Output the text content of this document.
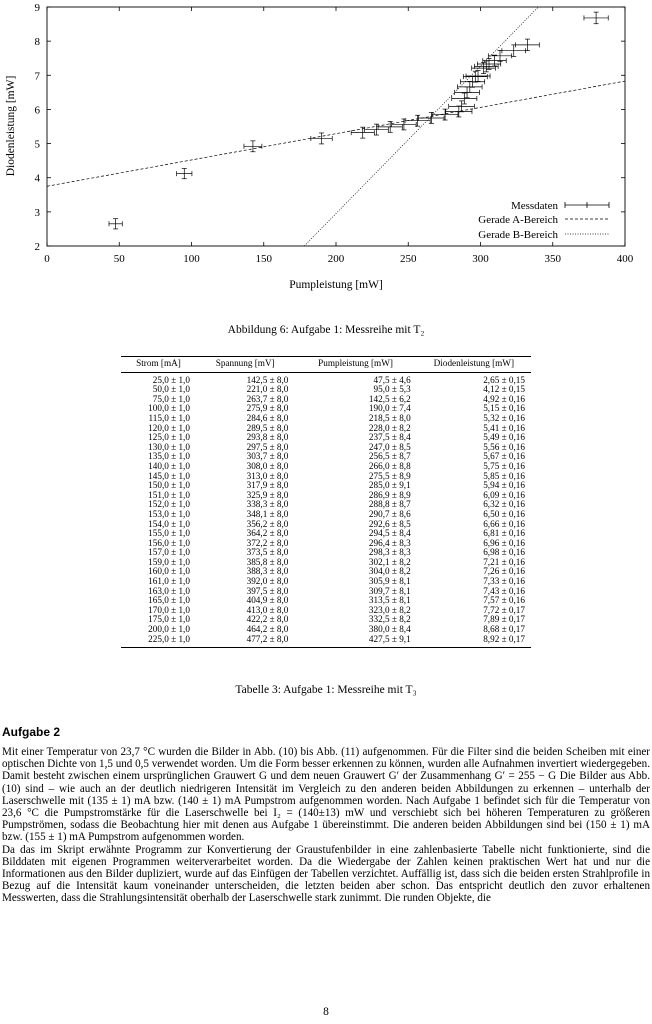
0	50	100	150	200	250	300	350	400
2
3
4
5
6
7
8
9
Diodenleistung [mW]
Pumpleistung [mW]
Messdaten
Gerade A-Bereich
Gerade B-Bereich
Abbildung 6: Aufgabe 1: Messreihe mit T₂
Strom [mA]	Spannung [mV]	Pumpleistung [mW]	Diodenleistung [mW]
25,0 ± 1,0	142,5 ± 8,0	47,5 ± 4,6	2,65 ± 0,15
50,0 ± 1,0	221,0 ± 8,0	95,0 ± 5,3	4,12 ± 0,15
75,0 ± 1,0	263,7 ± 8,0	142,5 ± 6,2	4,92 ± 0,16
100,0 ± 1,0	275,9 ± 8,0	190,0 ± 7,4	5,15 ± 0,16
115,0 ± 1,0	284,6 ± 8,0	218,5 ± 8,0	5,32 ± 0,16
120,0 ± 1,0	289,5 ± 8,0	228,0 ± 8,2	5,41 ± 0,16
125,0 ± 1,0	293,8 ± 8,0	237,5 ± 8,4	5,49 ± 0,16
130,0 ± 1,0	297,5 ± 8,0	247,0 ± 8,5	5,56 ± 0,16
135,0 ± 1,0	303,7 ± 8,0	256,5 ± 8,7	5,67 ± 0,16
140,0 ± 1,0	308,0 ± 8,0	266,0 ± 8,8	5,75 ± 0,16
145,0 ± 1,0	313,0 ± 8,0	275,5 ± 8,9	5,85 ± 0,16
150,0 ± 1,0	317,9 ± 8,0	285,0 ± 9,1	5,94 ± 0,16
151,0 ± 1,0	325,9 ± 8,0	286,9 ± 8,9	6,09 ± 0,16
152,0 ± 1,0	338,3 ± 8,0	288,8 ± 8,7	6,32 ± 0,16
153,0 ± 1,0	348,1 ± 8,0	290,7 ± 8,6	6,50 ± 0,16
154,0 ± 1,0	356,2 ± 8,0	292,6 ± 8,5	6,66 ± 0,16
155,0 ± 1,0	364,2 ± 8,0	294,5 ± 8,4	6,81 ± 0,16
156,0 ± 1,0	372,2 ± 8,0	296,4 ± 8,3	6,96 ± 0,16
157,0 ± 1,0	373,5 ± 8,0	298,3 ± 8,3	6,98 ± 0,16
159,0 ± 1,0	385,8 ± 8,0	302,1 ± 8,2	7,21 ± 0,16
160,0 ± 1,0	388,3 ± 8,0	304,0 ± 8,2	7,26 ± 0,16
161,0 ± 1,0	392,0 ± 8,0	305,9 ± 8,1	7,33 ± 0,16
163,0 ± 1,0	397,5 ± 8,0	309,7 ± 8,1	7,43 ± 0,16
165,0 ± 1,0	404,9 ± 8,0	313,5 ± 8,1	7,57 ± 0,16
170,0 ± 1,0	413,0 ± 8,0	323,0 ± 8,2	7,72 ± 0,17
175,0 ± 1,0	422,2 ± 8,0	332,5 ± 8,2	7,89 ± 0,17
200,0 ± 1,0	464,2 ± 8,0	380,0 ± 8,4	8,68 ± 0,17
225,0 ± 1,0	477,2 ± 8,0	427,5 ± 9,1	8,92 ± 0,17
Tabelle 3: Aufgabe 1: Messreihe mit T₃
Aufgabe 2

Mit einer Temperatur von 23,7 °C wurden die Bilder in Abb. (10) bis Abb. (11) aufgenommen. Für die Filter sind die beiden Scheiben mit einer optischen Dichte von 1,5 und 0,5 verwendet worden. Um die Form besser erkennen zu können, wurden alle Aufnahmen invertiert wiedergegeben. Damit besteht zwischen einem ursprünglichen Grauwert G und dem neuen Grauwert G′ der Zusammenhang G′ = 255 − G Die Bilder aus Abb. (10) sind – wie auch an der deutlich niedrigeren Intensität im Vergleich zu den anderen beiden Abbildungen zu erkennen – unterhalb der Laserschwelle mit (135 ± 1) mA bzw. (140 ± 1) mA Pumpstrom aufgenommen worden. Nach Aufgabe 1 befindet sich für die Temperatur von 23,6 °C die Pumpstromstärke für die Laserschwelle bei I₂ = (140±13) mW und verschiebt sich bei höheren Temperaturen zu größeren Pumpströmen, sodass die Beobachtung hier mit denen aus Aufgabe 1 übereinstimmt. Die anderen beiden Abbildungen sind bei (150 ± 1) mA bzw. (155 ± 1) mA Pumpstrom aufgenommen worden.

Da das im Skript erwähnte Programm zur Konvertierung der Graustufenbilder in eine zahlenbasierte Tabelle nicht funktionierte, sind die Bilddaten mit eigenen Programmen weiterverarbeitet worden. Da die Wiedergabe der Zahlen keinen praktischen Wert hat und nur die Informationen aus den Bilder dupliziert, wurde auf das Einfügen der Tabellen verzichtet. Auffällig ist, dass sich die beiden ersten Strahlprofile in Bezug auf die Intensität kaum voneinander unterscheiden, die letzten beiden aber schon. Das entspricht deutlich den zuvor erhaltenen Messwerten, dass die Strahlungsintensität oberhalb der Laserschwelle stark zunimmt. Die runden Objekte, die

8
